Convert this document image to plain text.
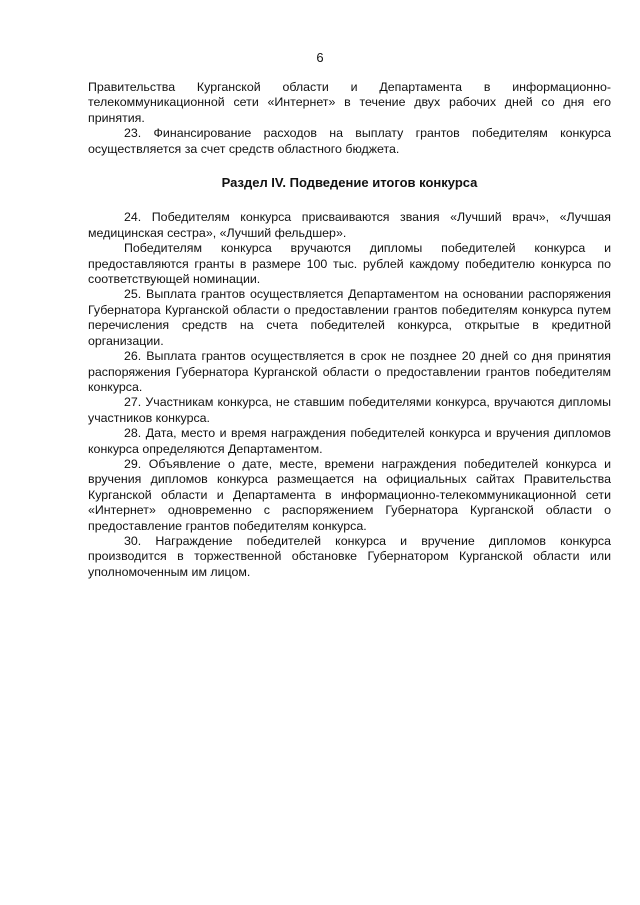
6

Правительства Курганской области и Департамента в информационно-телекоммуникационной сети «Интернет» в течение двух рабочих дней со дня его принятия.

23. Финансирование расходов на выплату грантов победителям конкурса осуществляется за счет средств областного бюджета.

Раздел IV. Подведение итогов конкурса

24. Победителям конкурса присваиваются звания «Лучший врач», «Лучшая медицинская сестра», «Лучший фельдшер».

Победителям конкурса вручаются дипломы победителей конкурса и предоставляются гранты в размере 100 тыс. рублей каждому победителю конкурса по соответствующей номинации.

25. Выплата грантов осуществляется Департаментом на основании распоряжения Губернатора Курганской области о предоставлении грантов победителям конкурса путем перечисления средств на счета победителей конкурса, открытые в кредитной организации.

26. Выплата грантов осуществляется в срок не позднее 20 дней со дня принятия распоряжения Губернатора Курганской области о предоставлении грантов победителям конкурса.

27. Участникам конкурса, не ставшим победителями конкурса, вручаются дипломы участников конкурса.

28. Дата, место и время награждения победителей конкурса и вручения дипломов конкурса определяются Департаментом.

29. Объявление о дате, месте, времени награждения победителей конкурса и вручения дипломов конкурса размещается на официальных сайтах Правительства Курганской области и Департамента в информационно-телекоммуникационной сети «Интернет» одновременно с распоряжением Губернатора Курганской области о предоставление грантов победителям конкурса.

30. Награждение победителей конкурса и вручение дипломов конкурса производится в торжественной обстановке Губернатором Курганской области или уполномоченным им лицом.
